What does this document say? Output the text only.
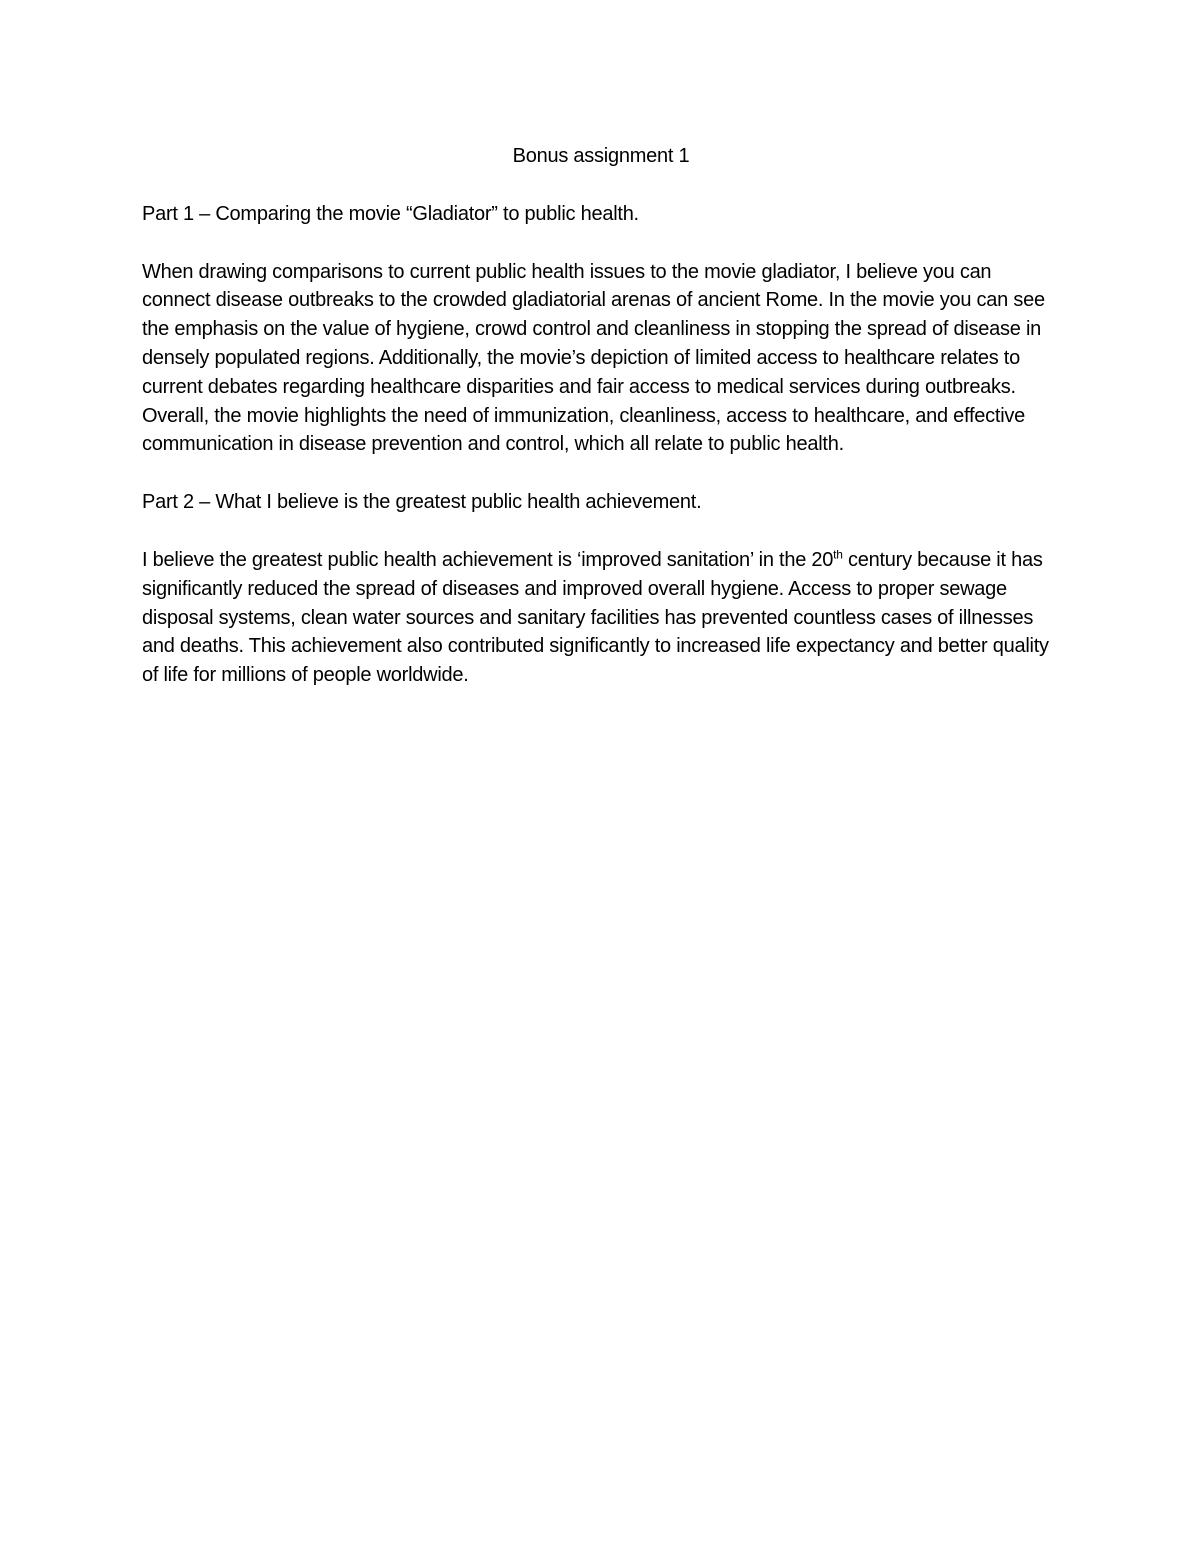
Bonus assignment 1
Part 1 – Comparing the movie “Gladiator” to public health.
When drawing comparisons to current public health issues to the movie gladiator, I believe you can connect disease outbreaks to the crowded gladiatorial arenas of ancient Rome. In the movie you can see the emphasis on the value of hygiene, crowd control and cleanliness in stopping the spread of disease in densely populated regions. Additionally, the movie’s depiction of limited access to healthcare relates to current debates regarding healthcare disparities and fair access to medical services during outbreaks. Overall, the movie highlights the need of immunization, cleanliness, access to healthcare, and effective communication in disease prevention and control, which all relate to public health.
Part 2 – What I believe is the greatest public health achievement.
I believe the greatest public health achievement is ‘improved sanitation’ in the 20th century because it has significantly reduced the spread of diseases and improved overall hygiene. Access to proper sewage disposal systems, clean water sources and sanitary facilities has prevented countless cases of illnesses and deaths. This achievement also contributed significantly to increased life expectancy and better quality of life for millions of people worldwide.
